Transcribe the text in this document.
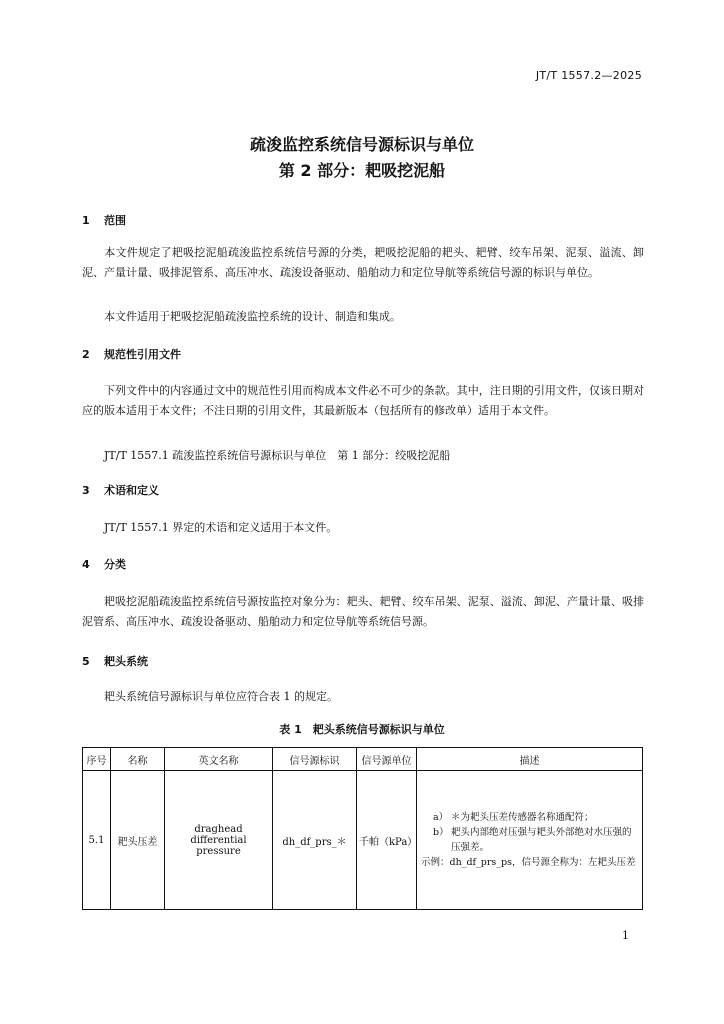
JT/T 1557.2—2025
疏浚监控系统信号源标识与单位
第 2 部分：耙吸挖泥船
1 范围
本文件规定了耙吸挖泥船疏浚监控系统信号源的分类，耙吸挖泥船的耙头、耙臂、绞车吊架、泥泵、溢流、卸泥、产量计量、吸排泥管系、高压冲水、疏浚设备驱动、船舶动力和定位导航等系统信号源的标识与单位。
本文件适用于耙吸挖泥船疏浚监控系统的设计、制造和集成。
2 规范性引用文件
下列文件中的内容通过文中的规范性引用而构成本文件必不可少的条款。其中，注日期的引用文件，仅该日期对应的版本适用于本文件；不注日期的引用文件，其最新版本（包括所有的修改单）适用于本文件。
JT/T 1557.1 疏浚监控系统信号源标识与单位　第 1 部分：绞吸挖泥船
3 术语和定义
JT/T 1557.1 界定的术语和定义适用于本文件。
4 分类
耙吸挖泥船疏浚监控系统信号源按监控对象分为：耙头、耙臂、绞车吊架、泥泵、溢流、卸泥、产量计量、吸排泥管系、高压冲水、疏浚设备驱动、船舶动力和定位导航等系统信号源。
5 耙头系统
耙头系统信号源标识与单位应符合表 1 的规定。
表 1　耙头系统信号源标识与单位
序号	名称	英文名称	信号源标识	信号源单位	描述
5.1	耙头压差	draghead differential pressure	dh_df_prs_＊	千帕（kPa）	a） ＊为耙头压差传感器名称通配符；
b） 耙头内部绝对压强与耙头外部绝对水压强的压强差。
示例：dh_df_prs_ps，信号源全称为：左耙头压差
1
